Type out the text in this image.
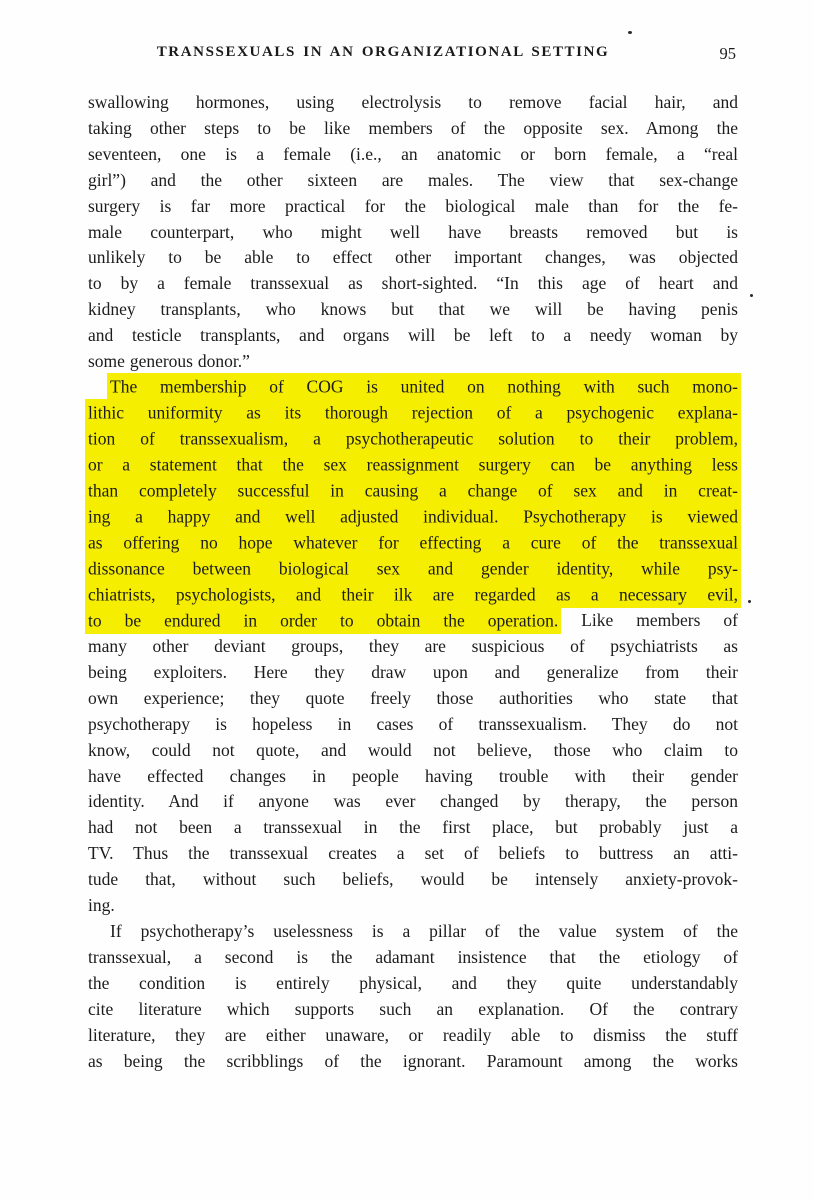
TRANSSEXUALS IN AN ORGANIZATIONAL SETTING	95
swallowing hormones, using electrolysis to remove facial hair, and
taking other steps to be like members of the opposite sex. Among the
seventeen, one is a female (i.e., an anatomic or born female, a “real
girl”) and the other sixteen are males. The view that sex-change
surgery is far more practical for the biological male than for the fe-
male counterpart, who might well have breasts removed but is
unlikely to be able to effect other important changes, was objected
to by a female transsexual as short-sighted. “In this age of heart and
kidney transplants, who knows but that we will be having penis
and testicle transplants, and organs will be left to a needy woman by
some generous donor.”
The membership of COG is united on nothing with such mono-
lithic uniformity as its thorough rejection of a psychogenic explana-
tion of transsexualism, a psychotherapeutic solution to their problem,
or a statement that the sex reassignment surgery can be anything less
than completely successful in causing a change of sex and in creat-
ing a happy and well adjusted individual. Psychotherapy is viewed
as offering no hope whatever for effecting a cure of the transsexual
dissonance between biological sex and gender identity, while psy-
chiatrists, psychologists, and their ilk are regarded as a necessary evil,
to be endured in order to obtain the operation. Like members of
many other deviant groups, they are suspicious of psychiatrists as
being exploiters. Here they draw upon and generalize from their
own experience; they quote freely those authorities who state that
psychotherapy is hopeless in cases of transsexualism. They do not
know, could not quote, and would not believe, those who claim to
have effected changes in people having trouble with their gender
identity. And if anyone was ever changed by therapy, the person
had not been a transsexual in the first place, but probably just a
TV. Thus the transsexual creates a set of beliefs to buttress an atti-
tude that, without such beliefs, would be intensely anxiety-provok-
ing.
If psychotherapy’s uselessness is a pillar of the value system of the
transsexual, a second is the adamant insistence that the etiology of
the condition is entirely physical, and they quite understandably
cite literature which supports such an explanation. Of the contrary
literature, they are either unaware, or readily able to dismiss the stuff
as being the scribblings of the ignorant. Paramount among the works
